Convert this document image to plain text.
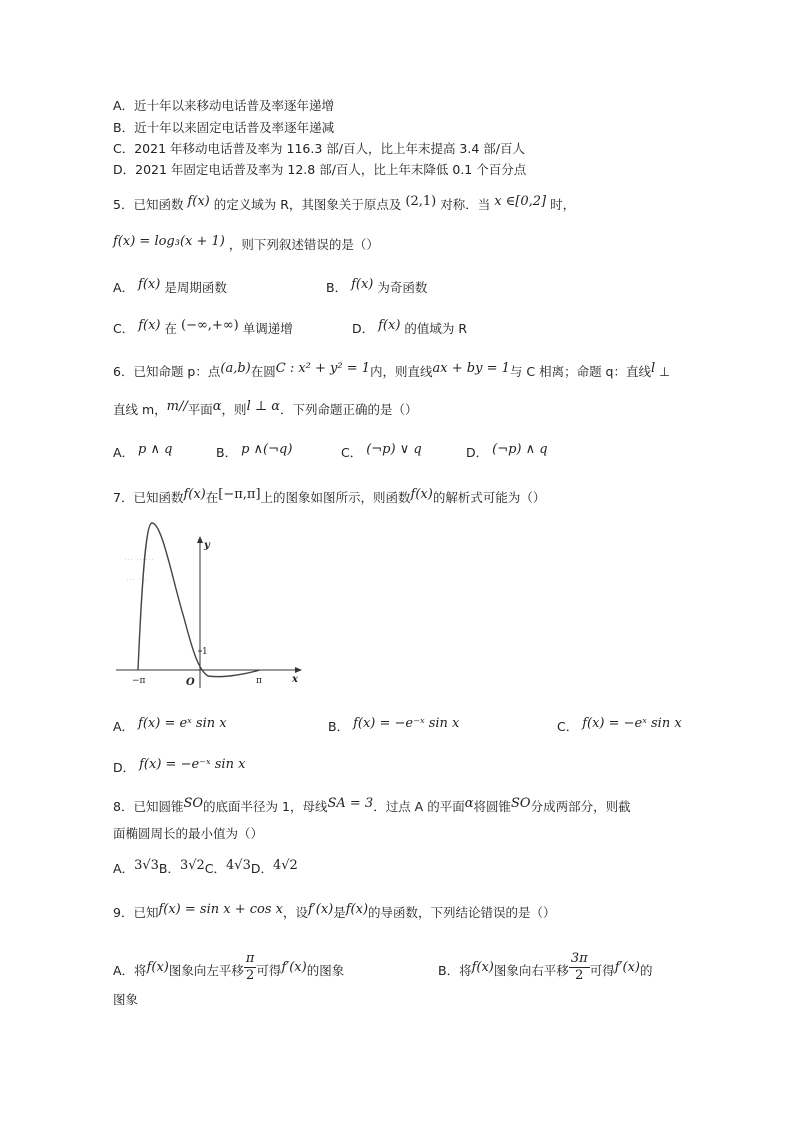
A．近十年以来移动电话普及率逐年递增
B．近十年以来固定电话普及率逐年递减
C．2021 年移动电话普及率为 116.3 部/百人，比上年末提高 3.4 部/百人
D．2021 年固定电话普及率为 12.8 部/百人，比上年末降低 0.1 个百分点
5．已知函数 f(x) 的定义域为 R，其图象关于原点及 (2,1) 对称．当 x ∈[0,2] 时，
f(x) = log₃(x + 1) ，则下列叙述错误的是（）
A． f(x) 是周期函数	B． f(x) 为奇函数
C． f(x) 在 (−∞,+∞) 单调递增	D． f(x) 的值域为 R
6．已知命题 p：点(a,b)在圆C : x² + y² = 1内，则直线ax + by = 1与 C 相离；命题 q：直线l ⊥
直线 m，m//平面α，则l ⊥ α．下列命题正确的是（）
A． p ∧ q	B． p ∧(¬q)	C． (¬p) ∨ q	D． (¬p) ∧ q
7．已知函数f(x)在[−π,π]上的图象如图所示，则函数f(x)的解析式可能为（）
… ……
… …
y
x
O
−π	π
1
A． f(x) = eˣ sin x	B． f(x) = −e⁻ˣ sin x	C． f(x) = −eˣ sin x
D． f(x) = −e⁻ˣ sin x
8．已知圆锥SO的底面半径为 1，母线SA = 3．过点 A 的平面α将圆锥SO分成两部分，则截
面椭圆周长的最小值为（）
A．3√3B．3√2C．4√3D．4√2
9．已知f(x) = sin x + cos x，设f′(x)是f(x)的导函数，下列结论错误的是（）
A．将f(x)图象向左平移 $\frac{\pi}{2}$ 可得f′(x)的图象	B．将f(x)图象向右平移 $\frac{3\pi}{2}$ 可得f′(x)的
图象
